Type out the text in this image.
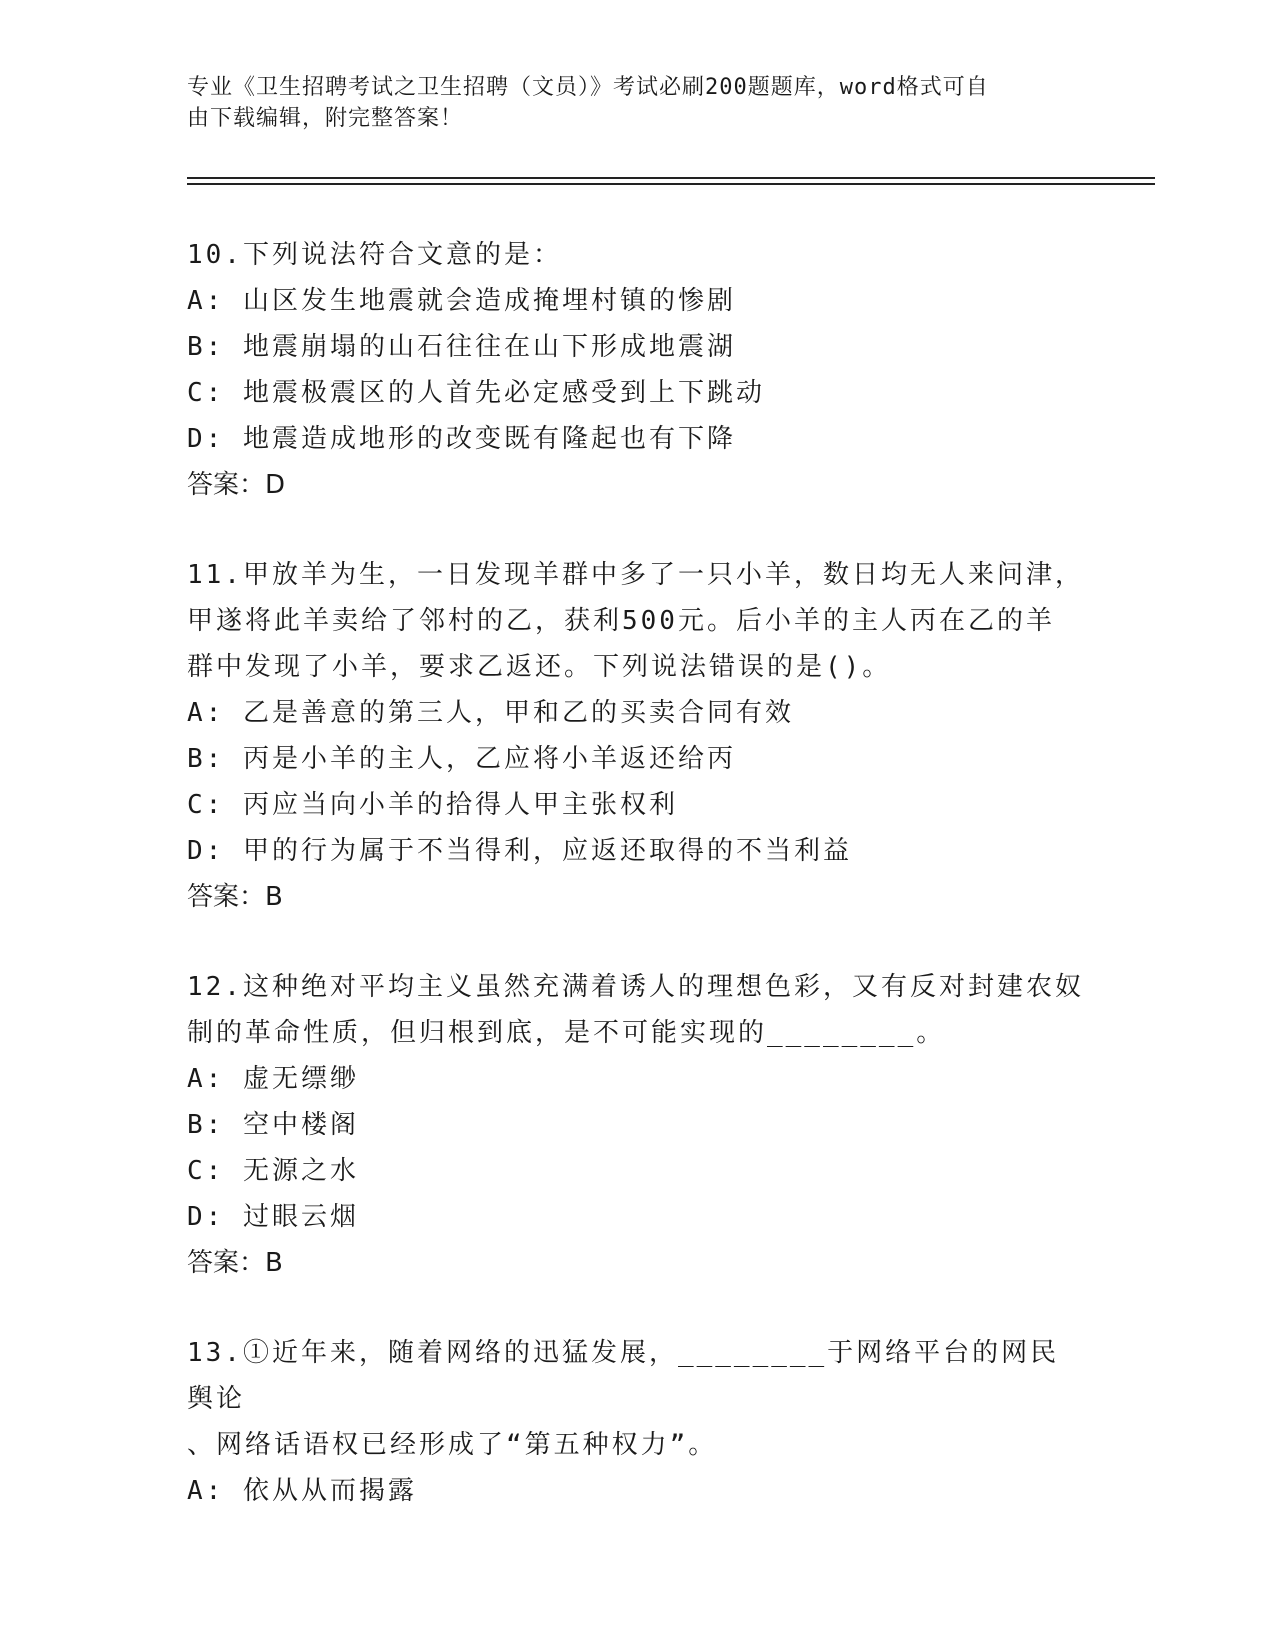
专业《卫生招聘考试之卫生招聘（文员）》考试必刷200题题库，word格式可自
由下载编辑，附完整答案！
10.下列说法符合文意的是：
A: 山区发生地震就会造成掩埋村镇的惨剧
B: 地震崩塌的山石往往在山下形成地震湖
C: 地震极震区的人首先必定感受到上下跳动
D: 地震造成地形的改变既有隆起也有下降
答案：D
11.甲放羊为生，一日发现羊群中多了一只小羊，数日均无人来问津，
甲遂将此羊卖给了邻村的乙，获利500元。后小羊的主人丙在乙的羊
群中发现了小羊，要求乙返还。下列说法错误的是()。
A: 乙是善意的第三人，甲和乙的买卖合同有效
B: 丙是小羊的主人，乙应将小羊返还给丙
C: 丙应当向小羊的拾得人甲主张权利
D: 甲的行为属于不当得利，应返还取得的不当利益
答案：B
12.这种绝对平均主义虽然充满着诱人的理想色彩，又有反对封建农奴
制的革命性质，但归根到底，是不可能实现的________。
A: 虚无缥缈
B: 空中楼阁
C: 无源之水
D: 过眼云烟
答案：B
13.①近年来，随着网络的迅猛发展，________于网络平台的网民舆论
、网络话语权已经形成了“第五种权力”。
A: 依从从而揭露
